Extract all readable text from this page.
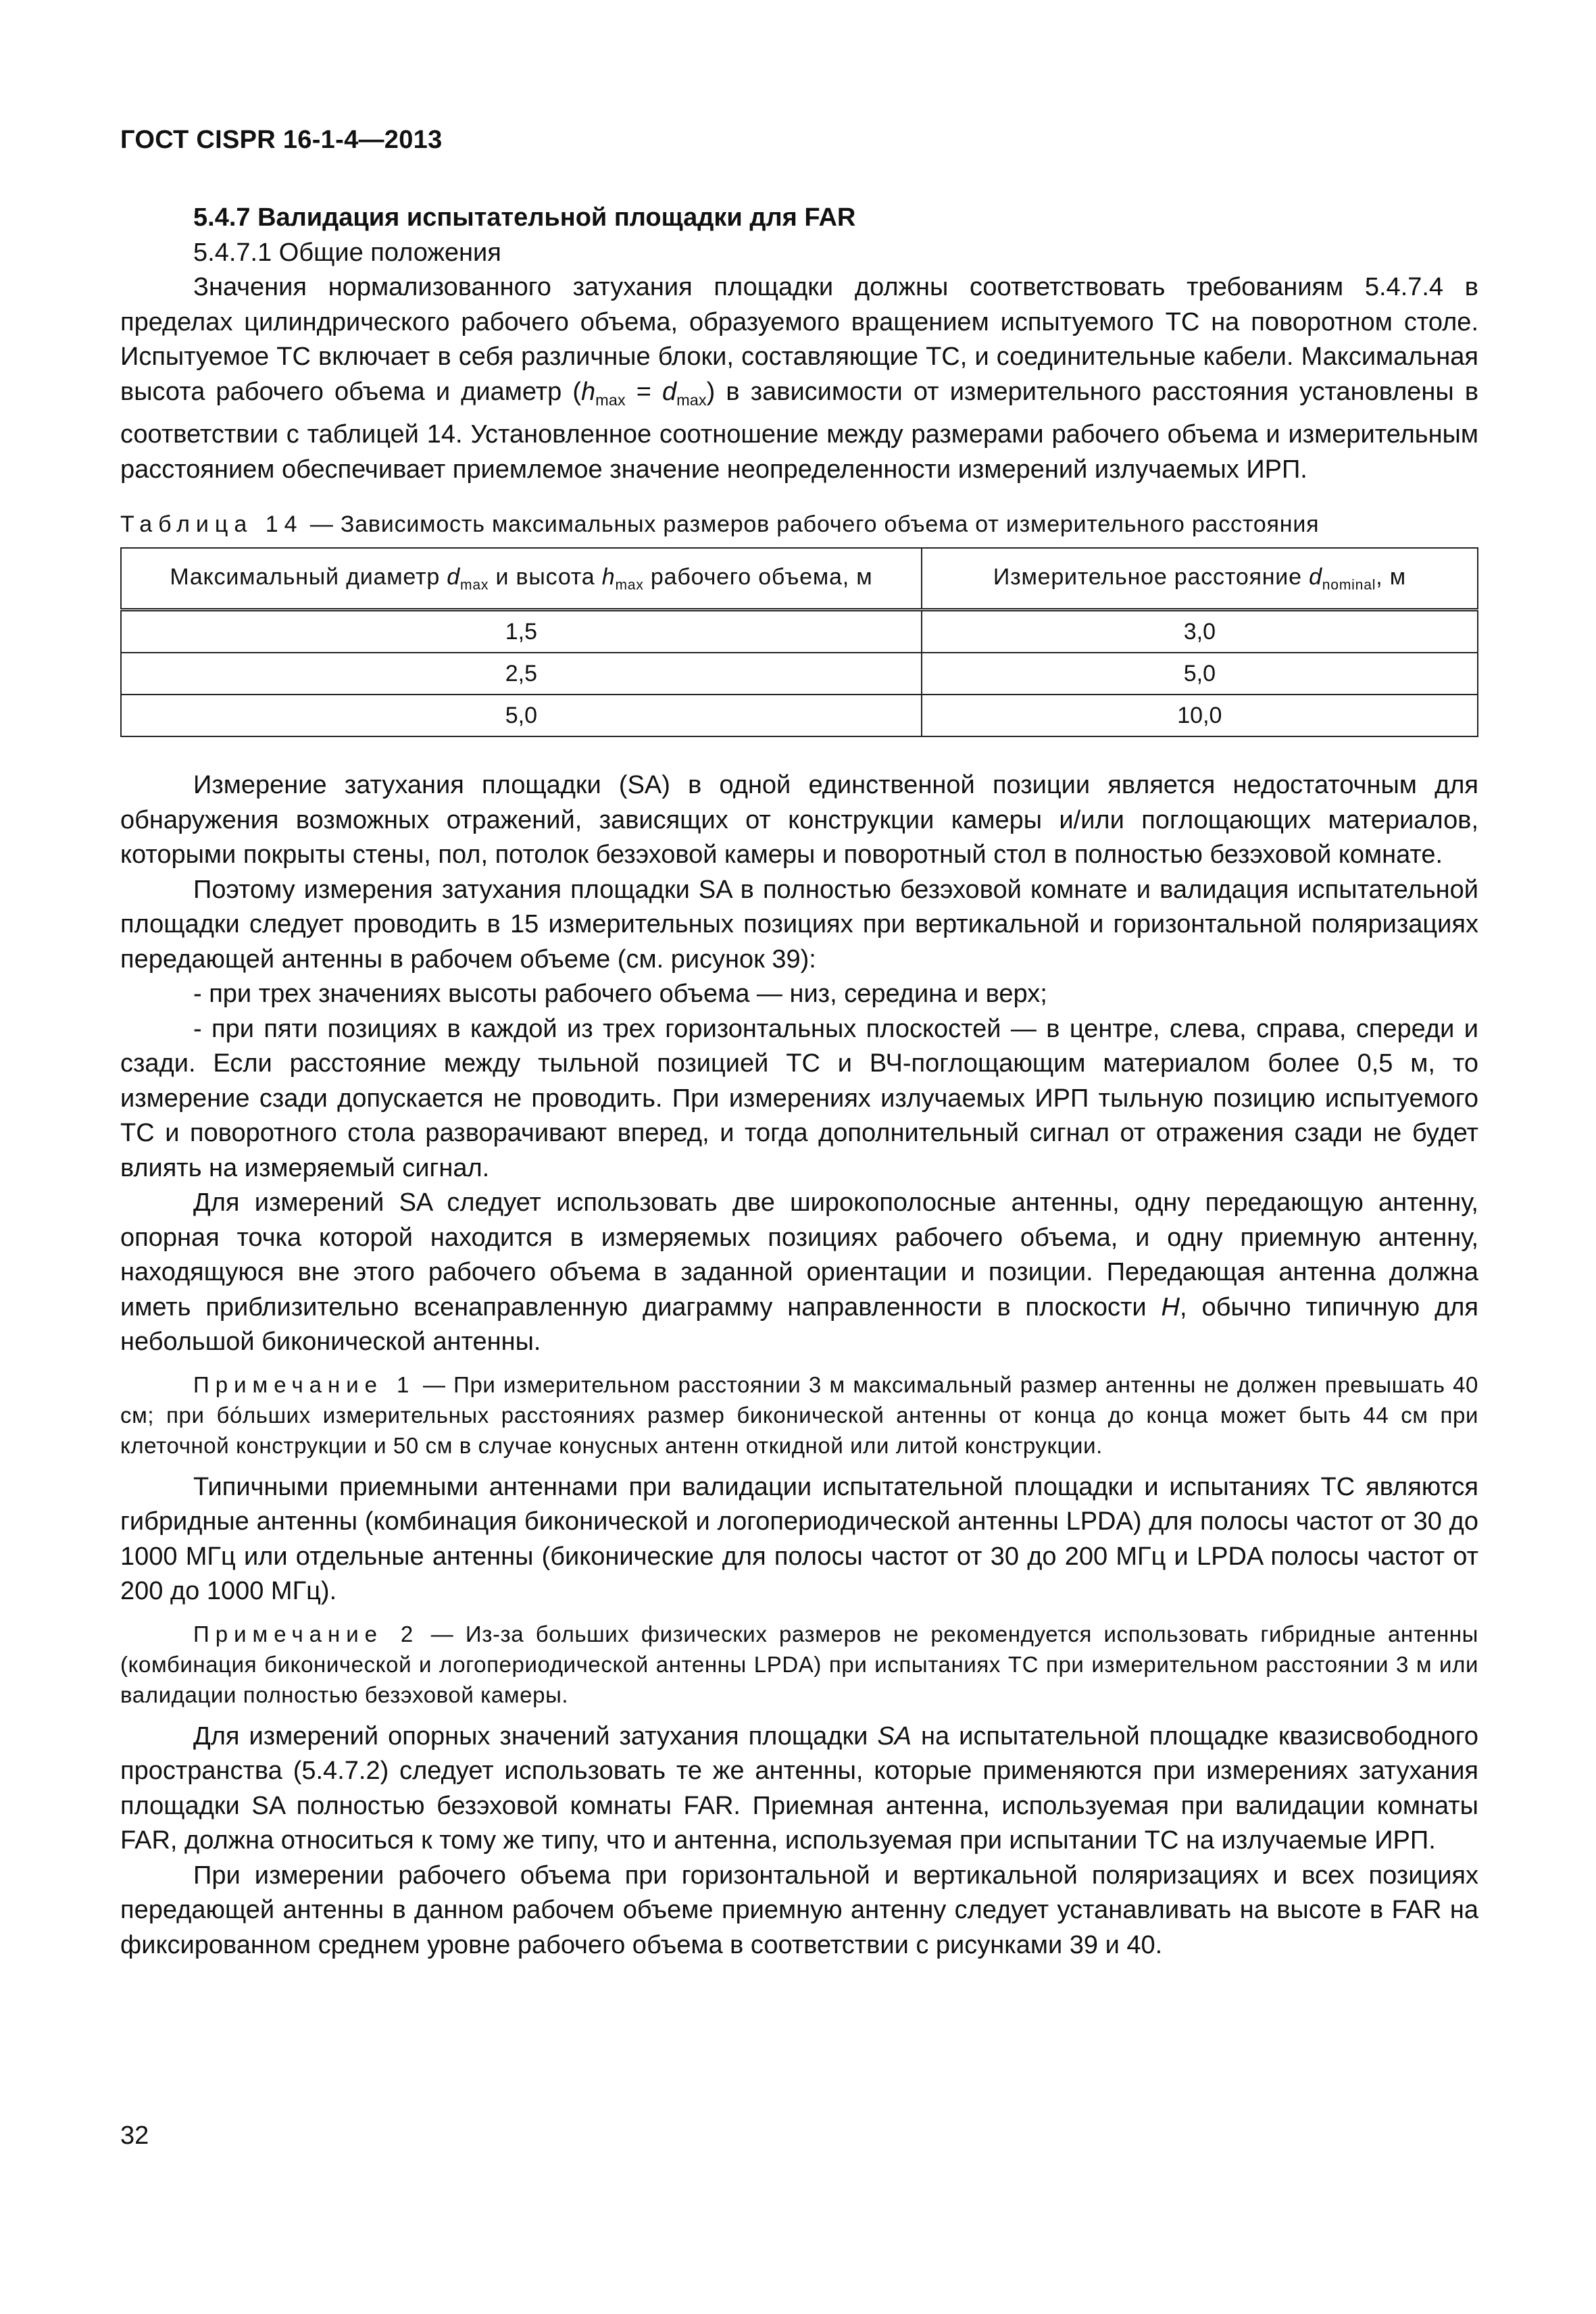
ГОСТ CISPR 16-1-4—2013

5.4.7 Валидация испытательной площадки для FAR

5.4.7.1 Общие положения

Значения нормализованного затухания площадки должны соответствовать требованиям 5.4.7.4 в пределах цилиндрического рабочего объема, образуемого вращением испытуемого ТС на поворотном столе. Испытуемое ТС включает в себя различные блоки, составляющие ТС, и соединительные кабели. Максимальная высота рабочего объема и диаметр $(h_{max} = d_{max})$ в зависимости от измерительного расстояния установлены в соответствии с таблицей 14. Установленное соотношение между размерами рабочего объема и измерительным расстоянием обеспечивает приемлемое значение неопределенности измерений излучаемых ИРП.

Таблица 14 — Зависимость максимальных размеров рабочего объема от измерительного расстояния
Максимальный диаметр $d_{max}$ и высота $h_{max}$ рабочего объема, м	Измерительное расстояние $d_{nominal}$, м
1,5	3,0
2,5	5,0
5,0	10,0

Измерение затухания площадки (SA) в одной единственной позиции является недостаточным для обнаружения возможных отражений, зависящих от конструкции камеры и/или поглощающих материалов, которыми покрыты стены, пол, потолок безэховой камеры и поворотный стол в полностью безэховой комнате.

Поэтому измерения затухания площадки SA в полностью безэховой комнате и валидация испытательной площадки следует проводить в 15 измерительных позициях при вертикальной и горизонтальной поляризациях передающей антенны в рабочем объеме (см. рисунок 39):

- при трех значениях высоты рабочего объема — низ, середина и верх;

- при пяти позициях в каждой из трех горизонтальных плоскостей — в центре, слева, справа, спереди и сзади. Если расстояние между тыльной позицией ТС и ВЧ-поглощающим материалом более 0,5 м, то измерение сзади допускается не проводить. При измерениях излучаемых ИРП тыльную позицию испытуемого ТС и поворотного стола разворачивают вперед, и тогда дополнительный сигнал от отражения сзади не будет влиять на измеряемый сигнал.

Для измерений SA следует использовать две широкополосные антенны, одну передающую антенну, опорная точка которой находится в измеряемых позициях рабочего объема, и одну приемную антенну, находящуюся вне этого рабочего объема в заданной ориентации и позиции. Передающая антенна должна иметь приблизительно всенаправленную диаграмму направленности в плоскости H, обычно типичную для небольшой биконической антенны.

Примечание 1 — При измерительном расстоянии 3 м максимальный размер антенны не должен превышать 40 см; при бо́льших измерительных расстояниях размер биконической антенны от конца до конца может быть 44 см при клеточной конструкции и 50 см в случае конусных антенн откидной или литой конструкции.

Типичными приемными антеннами при валидации испытательной площадки и испытаниях ТС являются гибридные антенны (комбинация биконической и логопериодической антенны LPDA) для полосы частот от 30 до 1000 МГц или отдельные антенны (биконические для полосы частот от 30 до 200 МГц и LPDA полосы частот от 200 до 1000 МГц).

Примечание 2 — Из-за больших физических размеров не рекомендуется использовать гибридные антенны (комбинация биконической и логопериодической антенны LPDA) при испытаниях ТС при измерительном расстоянии 3 м или валидации полностью безэховой камеры.

Для измерений опорных значений затухания площадки SA на испытательной площадке квазисвободного пространства (5.4.7.2) следует использовать те же антенны, которые применяются при измерениях затухания площадки SA полностью безэховой комнаты FAR. Приемная антенна, используемая при валидации комнаты FAR, должна относиться к тому же типу, что и антенна, используемая при испытании ТС на излучаемые ИРП.

При измерении рабочего объема при горизонтальной и вертикальной поляризациях и всех позициях передающей антенны в данном рабочем объеме приемную антенну следует устанавливать на высоте в FAR на фиксированном среднем уровне рабочего объема в соответствии с рисунками 39 и 40.

32
